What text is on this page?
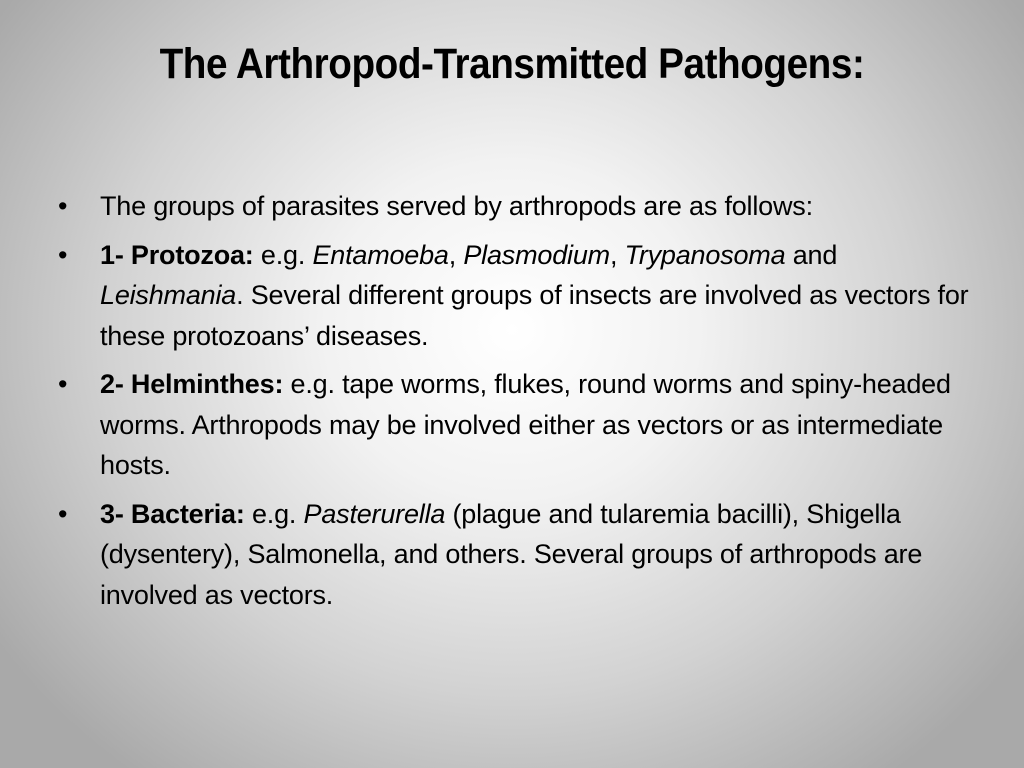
The Arthropod-Transmitted Pathogens:
• The groups of parasites served by arthropods are as follows:
• 1- Protozoa: e.g. Entamoeba, Plasmodium, Trypanosoma and Leishmania. Several different groups of insects are involved as vectors for these protozoans’ diseases.
• 2- Helminthes: e.g. tape worms, flukes, round worms and spiny-headed worms. Arthropods may be involved either as vectors or as intermediate hosts.
• 3- Bacteria: e.g. Pasterurella (plague and tularemia bacilli), Shigella (dysentery), Salmonella, and others. Several groups of arthropods are involved as vectors.
